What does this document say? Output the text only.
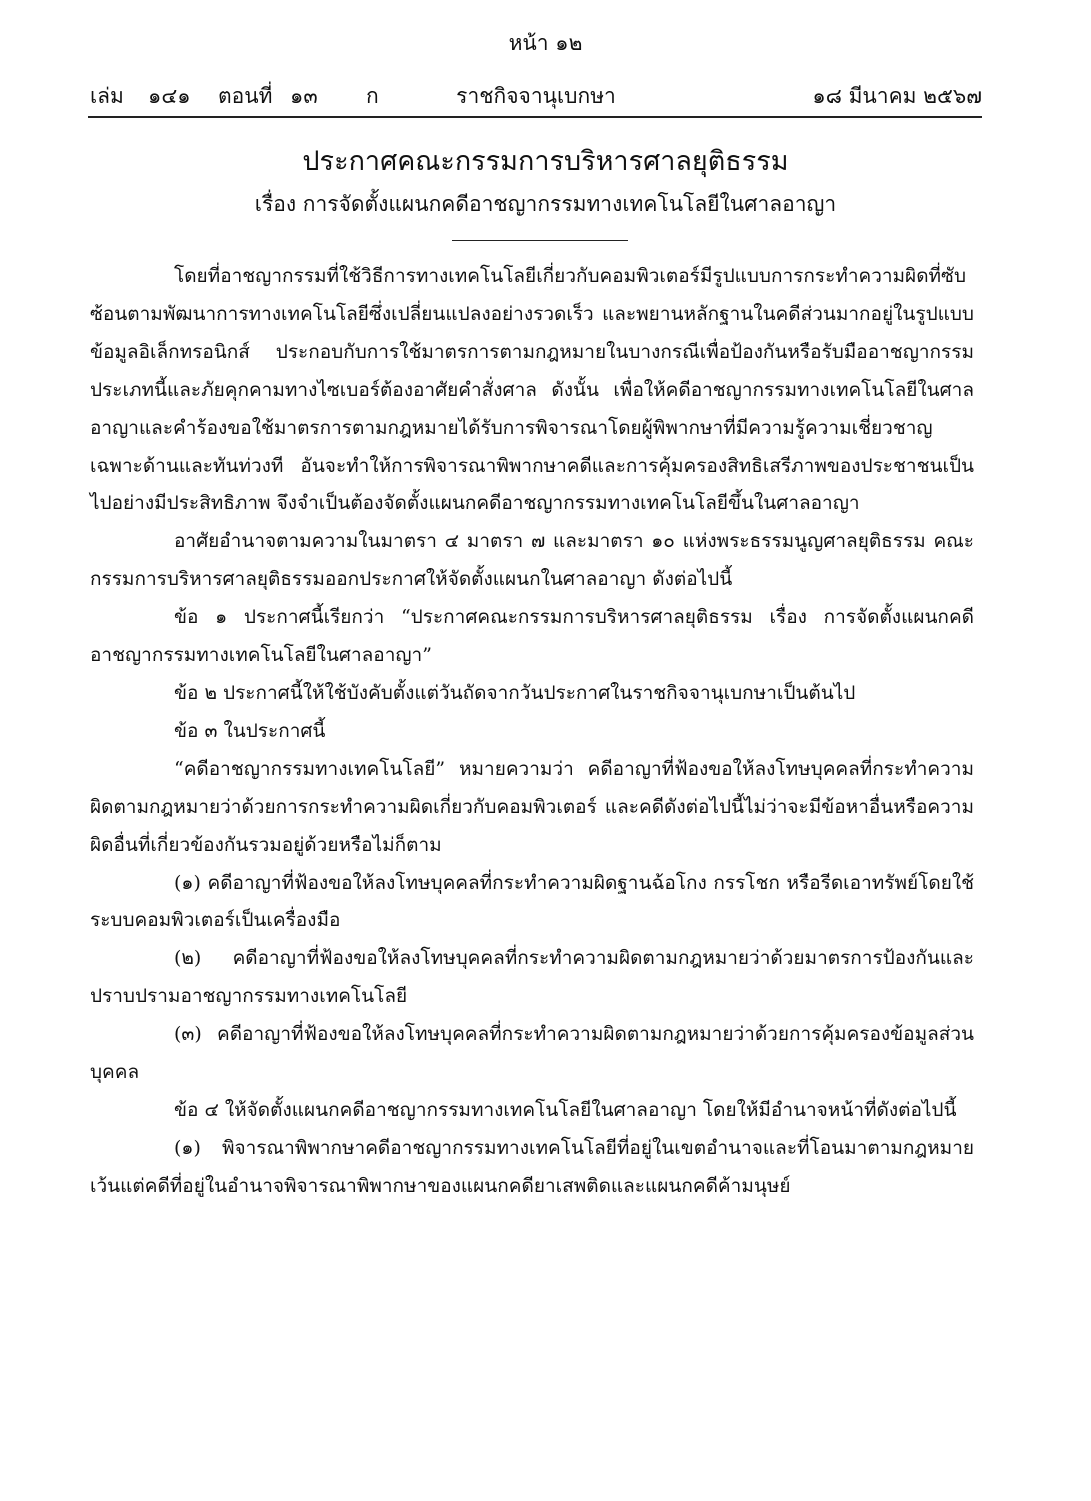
หน้า ๑๒
เล่ม ๑๔๑ ตอนที่ ๑๓ ก	ราชกิจจานุเบกษา	๑๘ มีนาคม ๒๕๖๗
ประกาศคณะกรรมการบริหารศาลยุติธรรม
เรื่อง การจัดตั้งแผนกคดีอาชญากรรมทางเทคโนโลยีในศาลอาญา

โดยที่อาชญากรรมที่ใช้วิธีการทางเทคโนโลยีเกี่ยวกับคอมพิวเตอร์มีรูปแบบการกระทำความผิดที่ซับซ้อนตามพัฒนาการทางเทคโนโลยีซึ่งเปลี่ยนแปลงอย่างรวดเร็ว และพยานหลักฐานในคดีส่วนมากอยู่ในรูปแบบข้อมูลอิเล็กทรอนิกส์ ประกอบกับการใช้มาตรการตามกฎหมายในบางกรณีเพื่อป้องกันหรือรับมืออาชญากรรมประเภทนี้และภัยคุกคามทางไซเบอร์ต้องอาศัยคำสั่งศาล ดังนั้น เพื่อให้คดีอาชญากรรมทางเทคโนโลยีในศาลอาญาและคำร้องขอใช้มาตรการตามกฎหมายได้รับการพิจารณาโดยผู้พิพากษาที่มีความรู้ความเชี่ยวชาญเฉพาะด้านและทันท่วงที อันจะทำให้การพิจารณาพิพากษาคดีและการคุ้มครองสิทธิเสรีภาพของประชาชนเป็นไปอย่างมีประสิทธิภาพ จึงจำเป็นต้องจัดตั้งแผนกคดีอาชญากรรมทางเทคโนโลยีขึ้นในศาลอาญา

อาศัยอำนาจตามความในมาตรา ๔ มาตรา ๗ และมาตรา ๑๐ แห่งพระธรรมนูญศาลยุติธรรม คณะกรรมการบริหารศาลยุติธรรมออกประกาศให้จัดตั้งแผนกในศาลอาญา ดังต่อไปนี้

ข้อ ๑ ประกาศนี้เรียกว่า “ประกาศคณะกรรมการบริหารศาลยุติธรรม เรื่อง การจัดตั้งแผนกคดีอาชญากรรมทางเทคโนโลยีในศาลอาญา”

ข้อ ๒ ประกาศนี้ให้ใช้บังคับตั้งแต่วันถัดจากวันประกาศในราชกิจจานุเบกษาเป็นต้นไป

ข้อ ๓ ในประกาศนี้

“คดีอาชญากรรมทางเทคโนโลยี” หมายความว่า คดีอาญาที่ฟ้องขอให้ลงโทษบุคคลที่กระทำความผิดตามกฎหมายว่าด้วยการกระทำความผิดเกี่ยวกับคอมพิวเตอร์ และคดีดังต่อไปนี้ไม่ว่าจะมีข้อหาอื่นหรือความผิดอื่นที่เกี่ยวข้องกันรวมอยู่ด้วยหรือไม่ก็ตาม

(๑) คดีอาญาที่ฟ้องขอให้ลงโทษบุคคลที่กระทำความผิดฐานฉ้อโกง กรรโชก หรือรีดเอาทรัพย์โดยใช้ระบบคอมพิวเตอร์เป็นเครื่องมือ

(๒) คดีอาญาที่ฟ้องขอให้ลงโทษบุคคลที่กระทำความผิดตามกฎหมายว่าด้วยมาตรการป้องกันและปราบปรามอาชญากรรมทางเทคโนโลยี

(๓) คดีอาญาที่ฟ้องขอให้ลงโทษบุคคลที่กระทำความผิดตามกฎหมายว่าด้วยการคุ้มครองข้อมูลส่วนบุคคล

ข้อ ๔ ให้จัดตั้งแผนกคดีอาชญากรรมทางเทคโนโลยีในศาลอาญา โดยให้มีอำนาจหน้าที่ดังต่อไปนี้

(๑) พิจารณาพิพากษาคดีอาชญากรรมทางเทคโนโลยีที่อยู่ในเขตอำนาจและที่โอนมาตามกฎหมายเว้นแต่คดีที่อยู่ในอำนาจพิจารณาพิพากษาของแผนกคดียาเสพติดและแผนกคดีค้ามนุษย์
